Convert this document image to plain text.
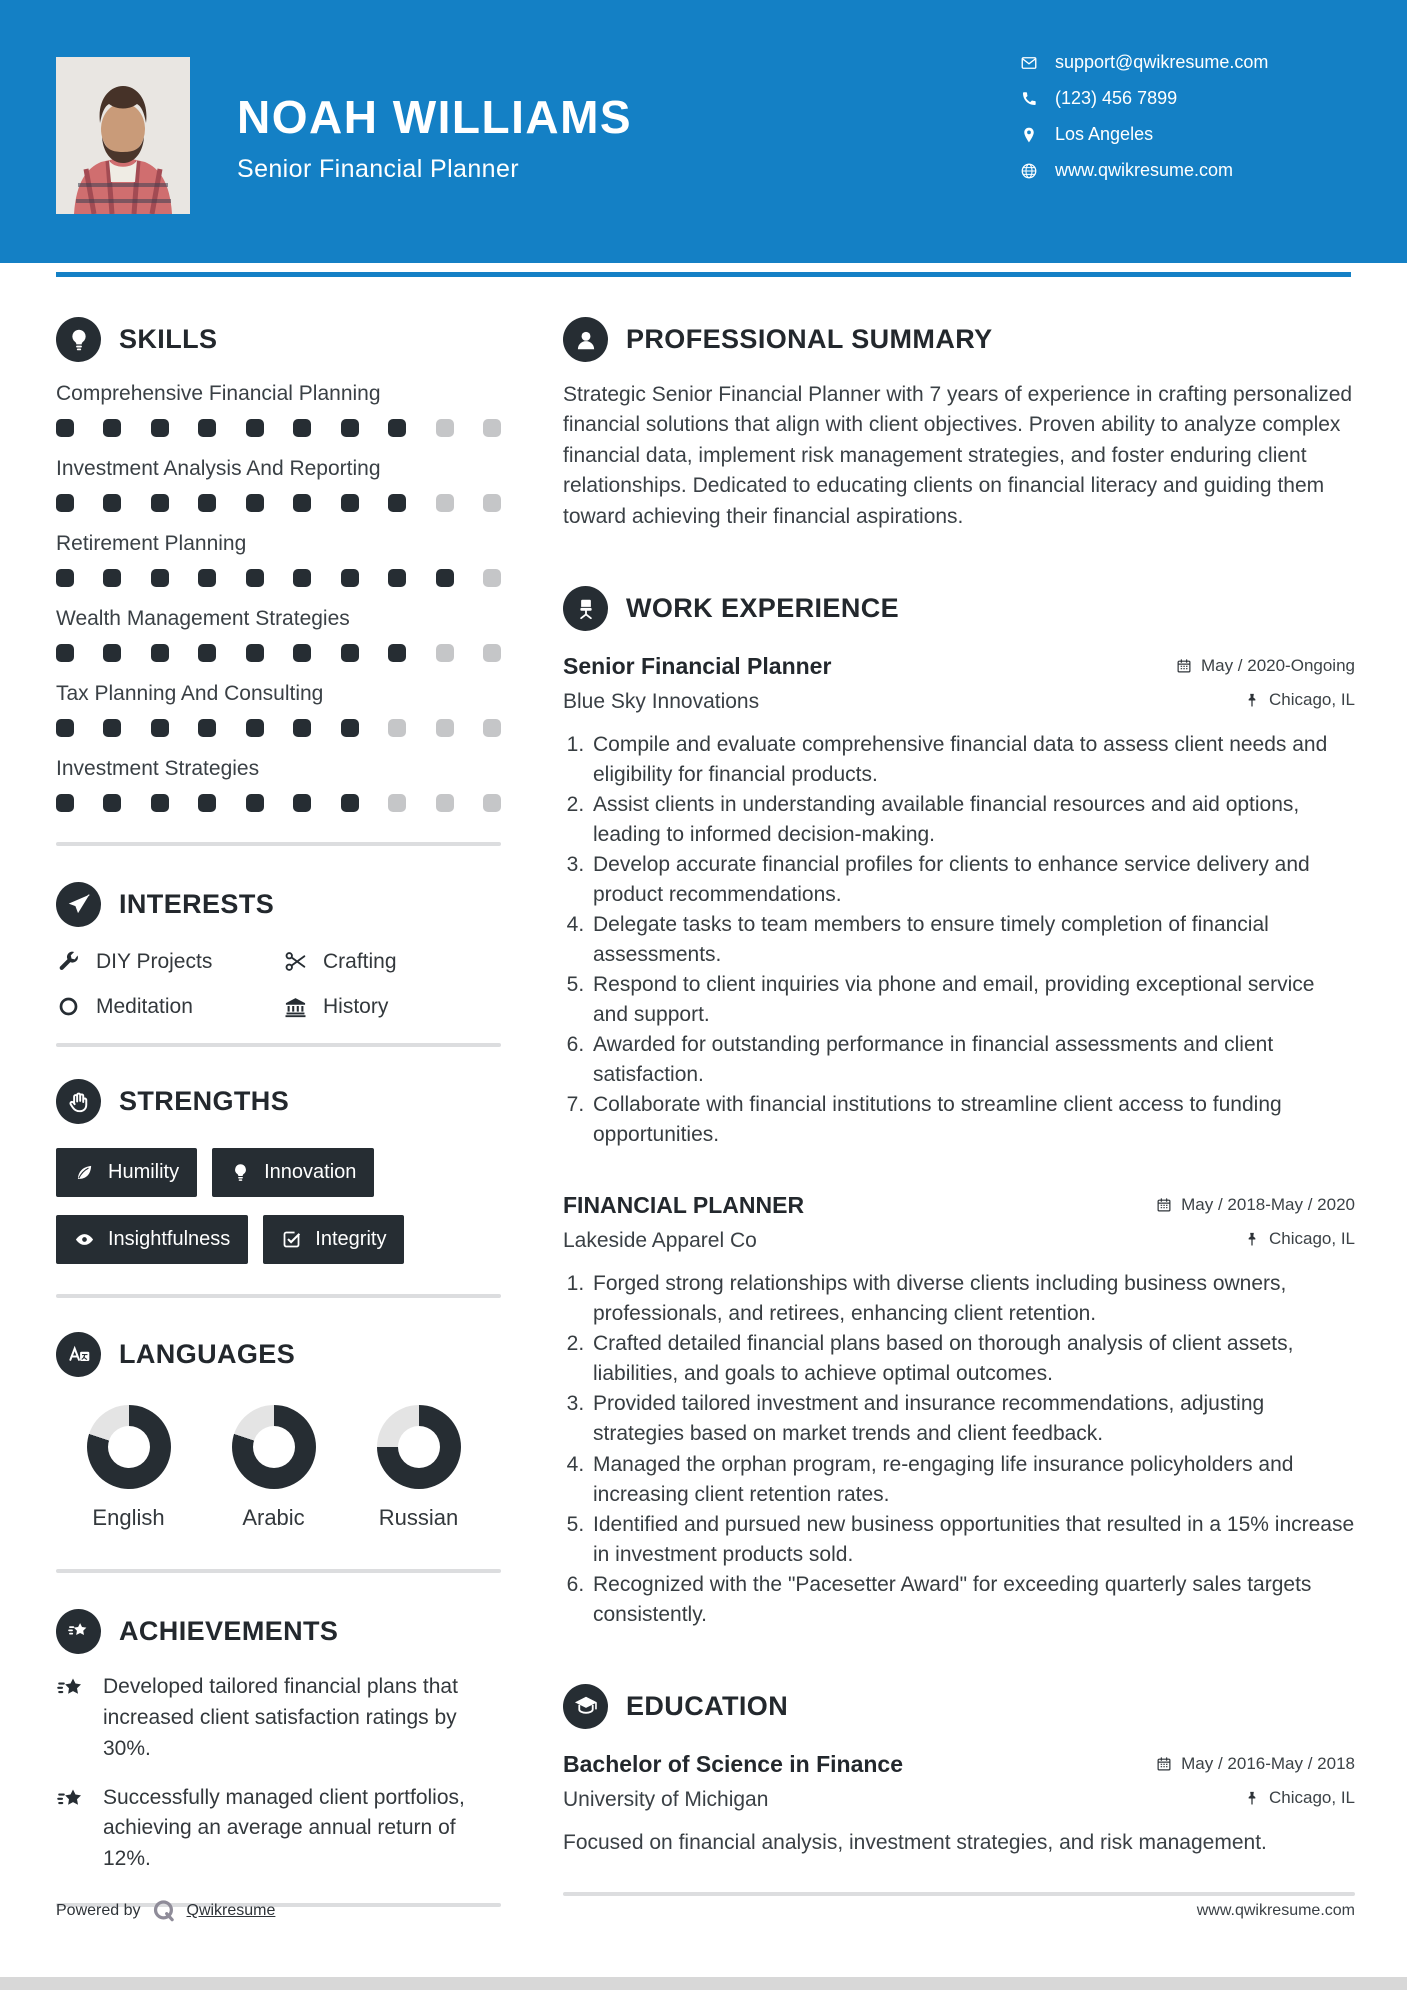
NOAH WILLIAMS
Senior Financial Planner
support@qwikresume.com
(123) 456 7899
Los Angeles
www.qwikresume.com
SKILLS
Comprehensive Financial Planning
Investment Analysis And Reporting
Retirement Planning
Wealth Management Strategies
Tax Planning And Consulting
Investment Strategies
INTERESTS
DIY Projects	Crafting
Meditation	History
STRENGTHS
Humility	Innovation
Insightfulness	Integrity
LANGUAGES
English	Arabic	Russian
ACHIEVEMENTS
Developed tailored financial plans that increased client satisfaction ratings by 30%.
Successfully managed client portfolios, achieving an average annual return of 12%.
PROFESSIONAL SUMMARY

Strategic Senior Financial Planner with 7 years of experience in crafting personalized financial solutions that align with client objectives. Proven ability to analyze complex financial data, implement risk management strategies, and foster enduring client relationships. Dedicated to educating clients on financial literacy and guiding them toward achieving their financial aspirations.

WORK EXPERIENCE
Senior Financial Planner	May / 2020-Ongoing
Blue Sky Innovations	Chicago, IL
1. Compile and evaluate comprehensive financial data to assess client needs and eligibility for financial products.
2. Assist clients in understanding available financial resources and aid options, leading to informed decision-making.
3. Develop accurate financial profiles for clients to enhance service delivery and product recommendations.
4. Delegate tasks to team members to ensure timely completion of financial assessments.
5. Respond to client inquiries via phone and email, providing exceptional service and support.
6. Awarded for outstanding performance in financial assessments and client satisfaction.
7. Collaborate with financial institutions to streamline client access to funding opportunities.
FINANCIAL PLANNER	May / 2018-May / 2020
Lakeside Apparel Co	Chicago, IL
1. Forged strong relationships with diverse clients including business owners, professionals, and retirees, enhancing client retention.
2. Crafted detailed financial plans based on thorough analysis of client assets, liabilities, and goals to achieve optimal outcomes.
3. Provided tailored investment and insurance recommendations, adjusting strategies based on market trends and client feedback.
4. Managed the orphan program, re-engaging life insurance policyholders and increasing client retention rates.
5. Identified and pursued new business opportunities that resulted in a 15% increase in investment products sold.
6. Recognized with the "Pacesetter Award" for exceeding quarterly sales targets consistently.
EDUCATION
Bachelor of Science in Finance	May / 2016-May / 2018
University of Michigan	Chicago, IL

Focused on financial analysis, investment strategies, and risk management.

Powered by	Qwikresume	www.qwikresume.com
